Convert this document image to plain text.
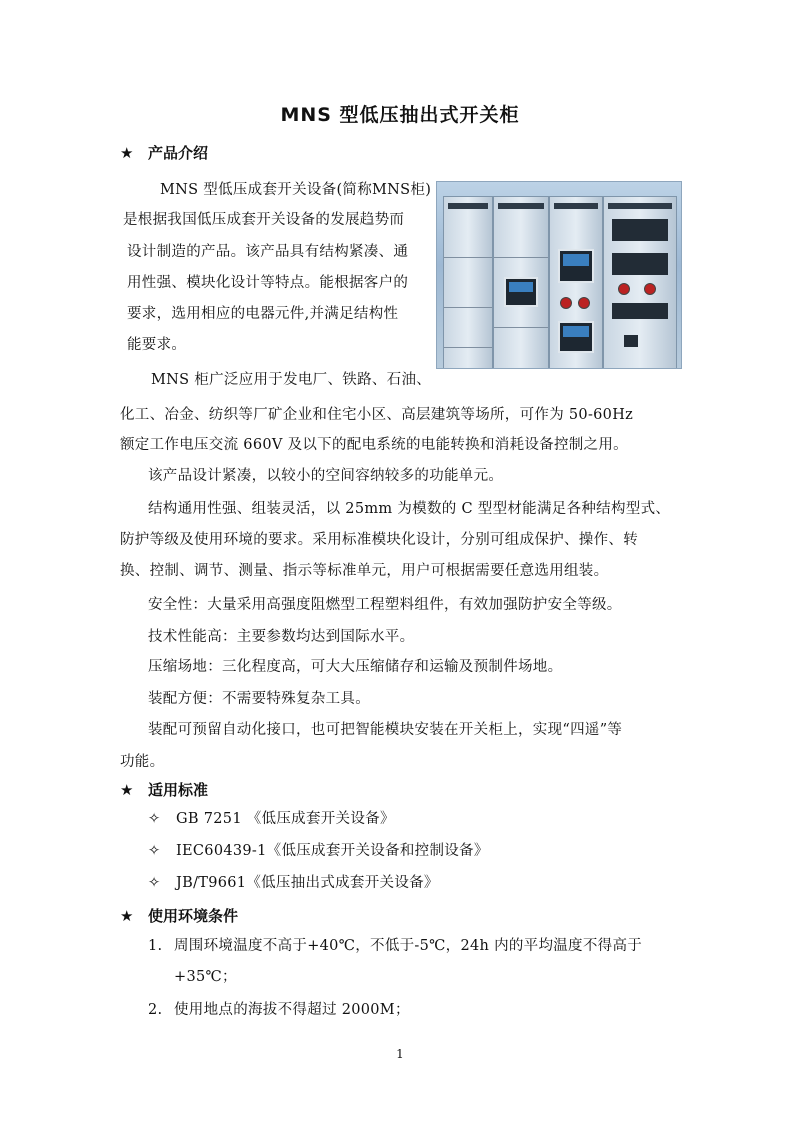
MNS 型低压抽出式开关柜
★ 产品介绍
MNS 型低压成套开关设备(简称MNS柜)
是根据我国低压成套开关设备的发展趋势而
设计制造的产品。该产品具有结构紧凑、通
用性强、模块化设计等特点。能根据客户的
要求，选用相应的电器元件,并满足结构性
能要求。
MNS 柜广泛应用于发电厂、铁路、石油、
化工、冶金、纺织等厂矿企业和住宅小区、高层建筑等场所，可作为 50-60Hz
额定工作电压交流 660V 及以下的配电系统的电能转换和消耗设备控制之用。
该产品设计紧凑，以较小的空间容纳较多的功能单元。
结构通用性强、组装灵活，以 25mm 为模数的 C 型型材能满足各种结构型式、
防护等级及使用环境的要求。采用标准模块化设计，分别可组成保护、操作、转
换、控制、调节、测量、指示等标准单元，用户可根据需要任意选用组装。
安全性：大量采用高强度阻燃型工程塑料组件，有效加强防护安全等级。
技术性能高：主要参数均达到国际水平。
压缩场地：三化程度高，可大大压缩储存和运输及预制件场地。
装配方便：不需要特殊复杂工具。
装配可预留自动化接口，也可把智能模块安装在开关柜上，实现“四遥”等
功能。
★ 适用标准
✧ GB 7251 《低压成套开关设备》
✧ IEC60439-1《低压成套开关设备和控制设备》
✧ JB/T9661《低压抽出式成套开关设备》
★ 使用环境条件
1. 周围环境温度不高于+40℃，不低于-5℃，24h 内的平均温度不得高于
+35℃；
2. 使用地点的海拔不得超过 2000M；
1
